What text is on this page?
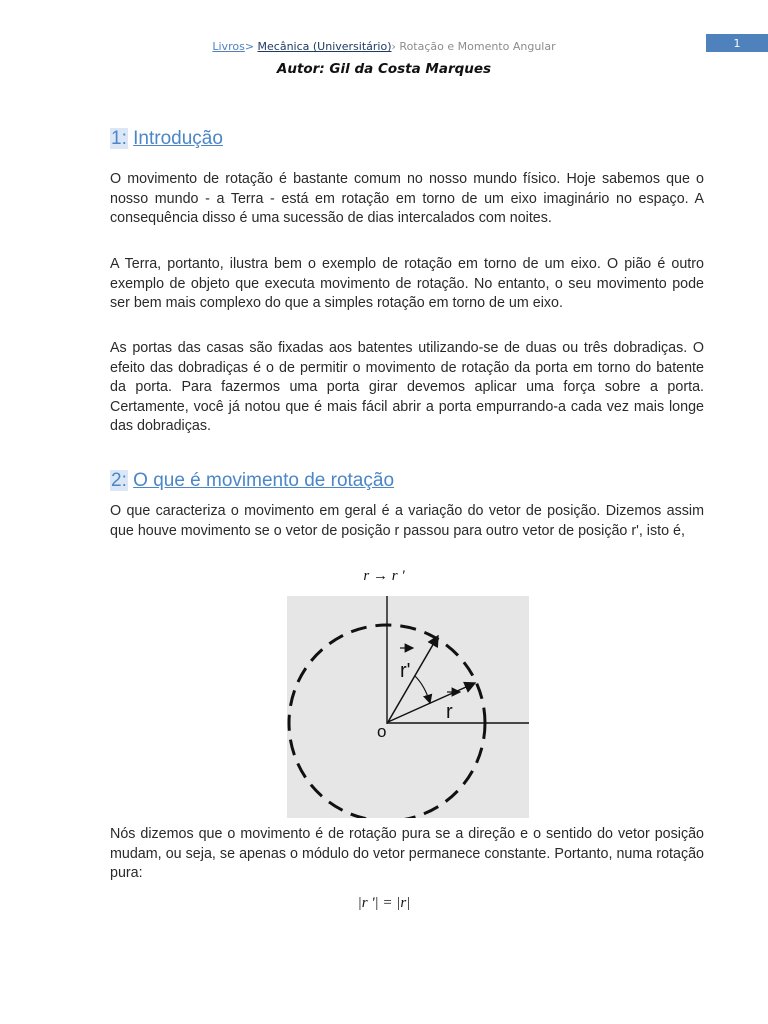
1
Livros> Mecânica (Universitário)› Rotação e Momento Angular
Autor: Gil da Costa Marques
1: Introdução

O movimento de rotação é bastante comum no nosso mundo físico. Hoje sabemos que o nosso mundo - a Terra - está em rotação em torno de um eixo imaginário no espaço. A consequência disso é uma sucessão de dias intercalados com noites.

A Terra, portanto, ilustra bem o exemplo de rotação em torno de um eixo. O pião é outro exemplo de objeto que executa movimento de rotação. No entanto, o seu movimento pode ser bem mais complexo do que a simples rotação em torno de um eixo.

As portas das casas são fixadas aos batentes utilizando-se de duas ou três dobradiças. O efeito das dobradiças é o de permitir o movimento de rotação da porta em torno do batente da porta. Para fazermos uma porta girar devemos aplicar uma força sobre a porta. Certamente, você já notou que é mais fácil abrir a porta empurrando-a cada vez mais longe das dobradiças.

2: O que é movimento de rotação

O que caracteriza o movimento em geral é a variação do vetor de posição. Dizemos assim que houve movimento se o vetor de posição r passou para outro vetor de posição r', isto é,

r → r '
r'
r
o

Nós dizemos que o movimento é de rotação pura se a direção e o sentido do vetor posição mudam, ou seja, se apenas o módulo do vetor permanece constante. Portanto, numa rotação pura:

|r '| = |r|
